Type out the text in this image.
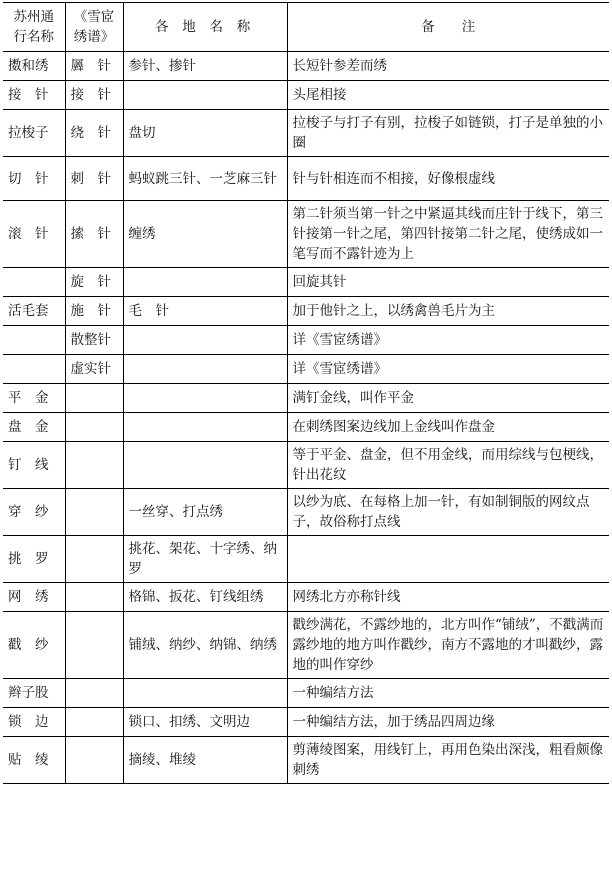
苏州通行名称	《雪宧绣谱》	各 地 名 称	备　　注
擞和绣	羼　针	参针、掺针	长短针参差而绣
接　针	接　针		头尾相接
拉梭子	绕　针	盘切	拉梭子与打子有别，拉梭子如链锁，打子是单独的小圈
切　针	刺　针	蚂蚁跳三针、一芝麻三针	针与针相连而不相接，好像根虚线
滚　针	𢱢　针	缠绣	第二针须当第一针之中紧逼其线而庄针于线下，第三针接第一针之尾，第四针接第二针之尾，使绣成如一笔写而不露针迹为上
	旋　针		回旋其针
活毛套	施　针	毛　针	加于他针之上，以绣禽兽毛片为主
	散整针		详《雪宧绣谱》
	虚实针		详《雪宧绣谱》
平　金			满钉金线，叫作平金
盘　金			在刺绣图案边线加上金线叫作盘金
钉　线			等于平金、盘金，但不用金线，而用综线与包梗线，针出花纹
穿　纱		一丝穿、打点绣	以纱为底、在每格上加一针，有如制铜版的网纹点子，故俗称打点线
挑　罗		挑花、架花、十字绣、纳罗	
网　绣		格锦、扳花、钉线组绣	网绣北方亦称针线
戳　纱		铺绒、纳纱、纳锦、纳绣	戳纱满花，不露纱地的，北方叫作“铺绒”，不戳满而露纱地的地方叫作戳纱，南方不露地的才叫戳纱，露地的叫作穿纱
辫子股			一种编结方法
锁　边		锁口、扣绣、文明边	一种编结方法，加于绣品四周边缘
贴　绫		摘绫、堆绫	剪薄绫图案，用线钉上，再用色染出深浅，粗看颇像刺绣
